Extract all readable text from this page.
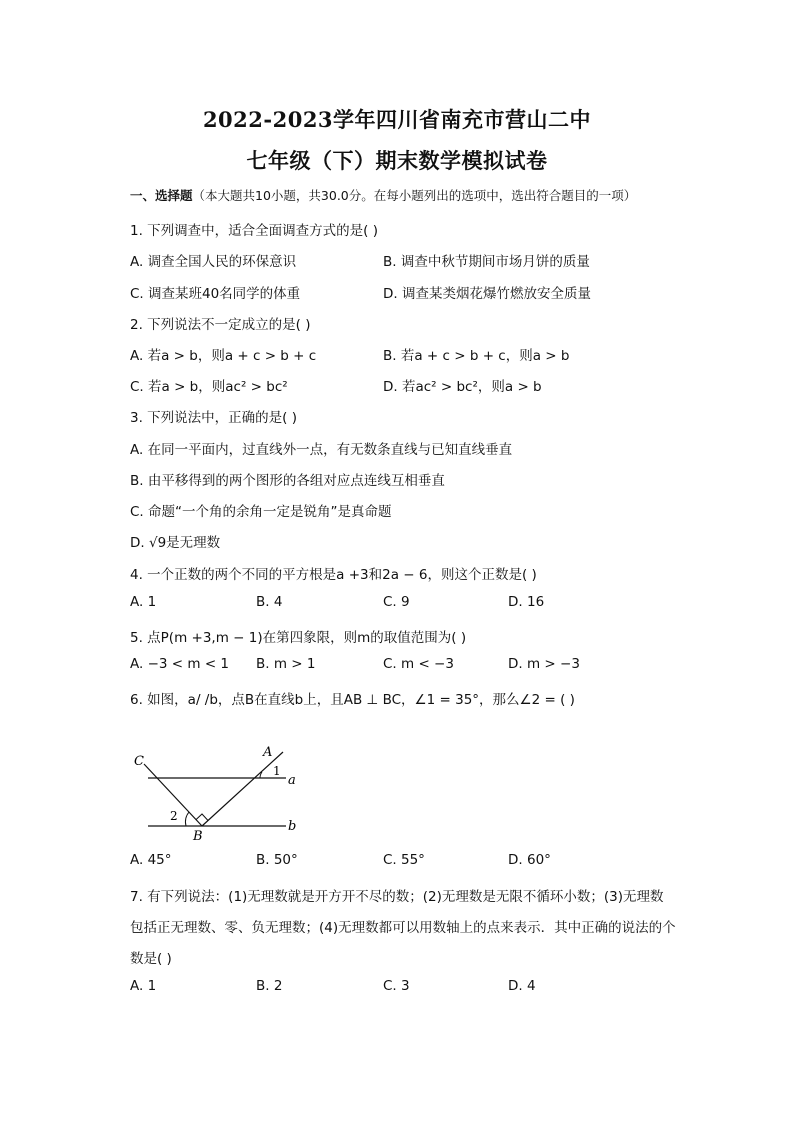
2022-2023学年四川省南充市营山二中
七年级（下）期末数学模拟试卷
一、选择题（本大题共10小题，共30.0分。在每小题列出的选项中，选出符合题目的一项）
1. 下列调查中，适合全面调查方式的是( )
A. 调查全国人民的环保意识	B. 调查中秋节期间市场月饼的质量
C. 调查某班40名同学的体重	D. 调查某类烟花爆竹燃放安全质量
2. 下列说法不一定成立的是( )
A. 若a > b，则a + c > b + c	B. 若a + c > b + c，则a > b
C. 若a > b，则ac² > bc²	D. 若ac² > bc²，则a > b
3. 下列说法中，正确的是( )
A. 在同一平面内，过直线外一点，有无数条直线与已知直线垂直
B. 由平移得到的两个图形的各组对应点连线互相垂直
C. 命题“一个角的余角一定是锐角”是真命题
D. √9是无理数
4. 一个正数的两个不同的平方根是a +3和2a − 6，则这个正数是( )
A. 1	B. 4	C. 9	D. 16
5. 点P(m +3,m − 1)在第四象限，则m的取值范围为( )
A. −3 < m < 1 B. m > 1	C. m < −3	D. m > −3
6. 如图，a/ /b，点B在直线b上，且AB ⊥ BC，∠1 = 35°，那么∠2 = ( )
C
A
a
b
B
1
2
A. 45°	B. 50°	C. 55°	D. 60°
7. 有下列说法：(1)无理数就是开方开不尽的数；(2)无理数是无限不循环小数；(3)无理数
包括正无理数、零、负无理数；(4)无理数都可以用数轴上的点来表示．其中正确的说法的个
数是( )
A. 1	B. 2	C. 3	D. 4
